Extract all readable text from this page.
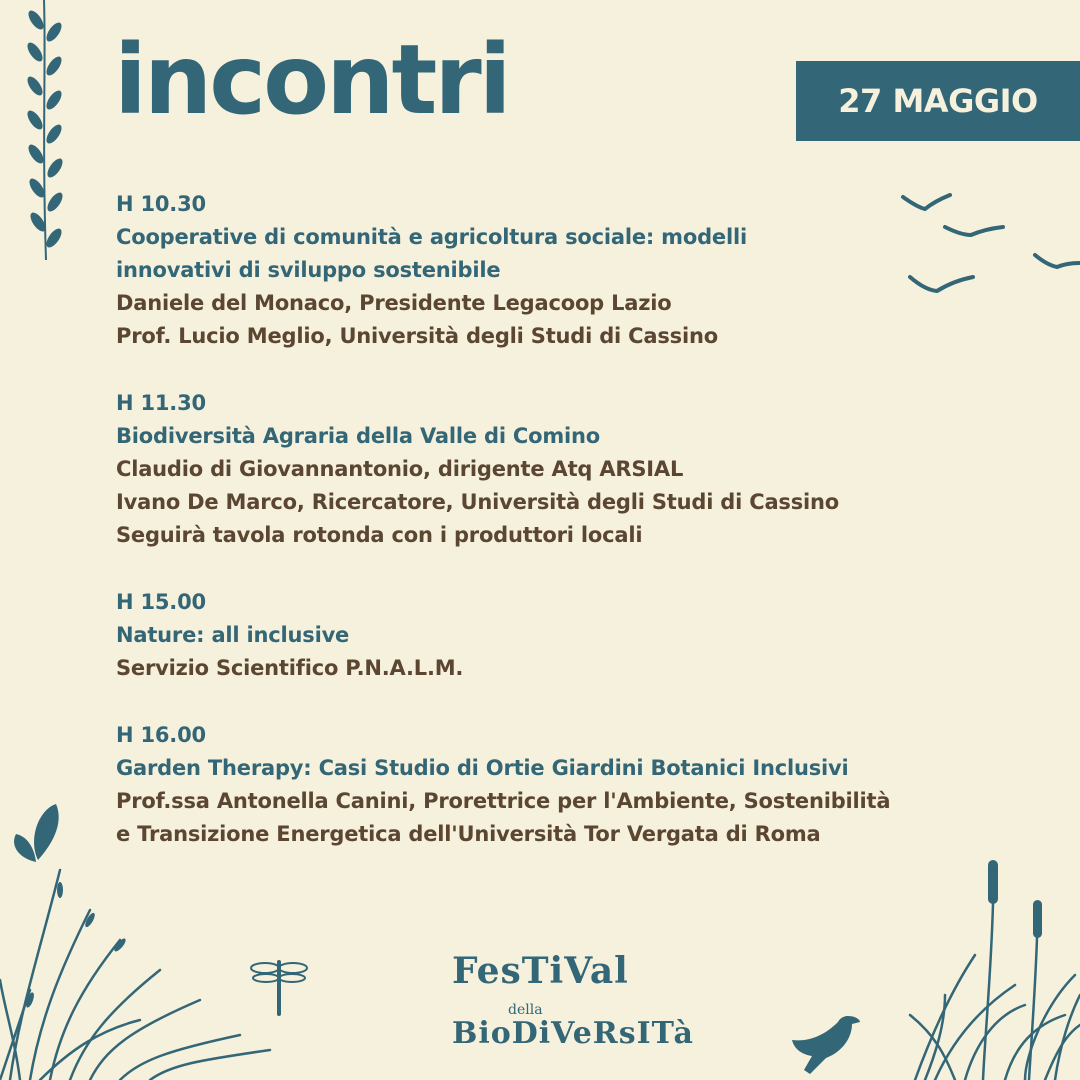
FesTiVal
della
BioDiVeRsITà
incontri	27 MAGGIO
H 10.30
Cooperative di comunità e agricoltura sociale: modelli
innovativi di sviluppo sostenibile
Daniele del Monaco, Presidente Legacoop Lazio
Prof. Lucio Meglio, Università degli Studi di Cassino
H 11.30
Biodiversità Agraria della Valle di Comino
Claudio di Giovannantonio, dirigente Atq ARSIAL
Ivano De Marco, Ricercatore, Università degli Studi di Cassino
Seguirà tavola rotonda con i produttori locali
H 15.00
Nature: all inclusive
Servizio Scientifico P.N.A.L.M.
H 16.00
Garden Therapy: Casi Studio di Ortie Giardini Botanici Inclusivi
Prof.ssa Antonella Canini, Prorettrice per l'Ambiente, Sostenibilità
e Transizione Energetica dell'Università Tor Vergata di Roma
